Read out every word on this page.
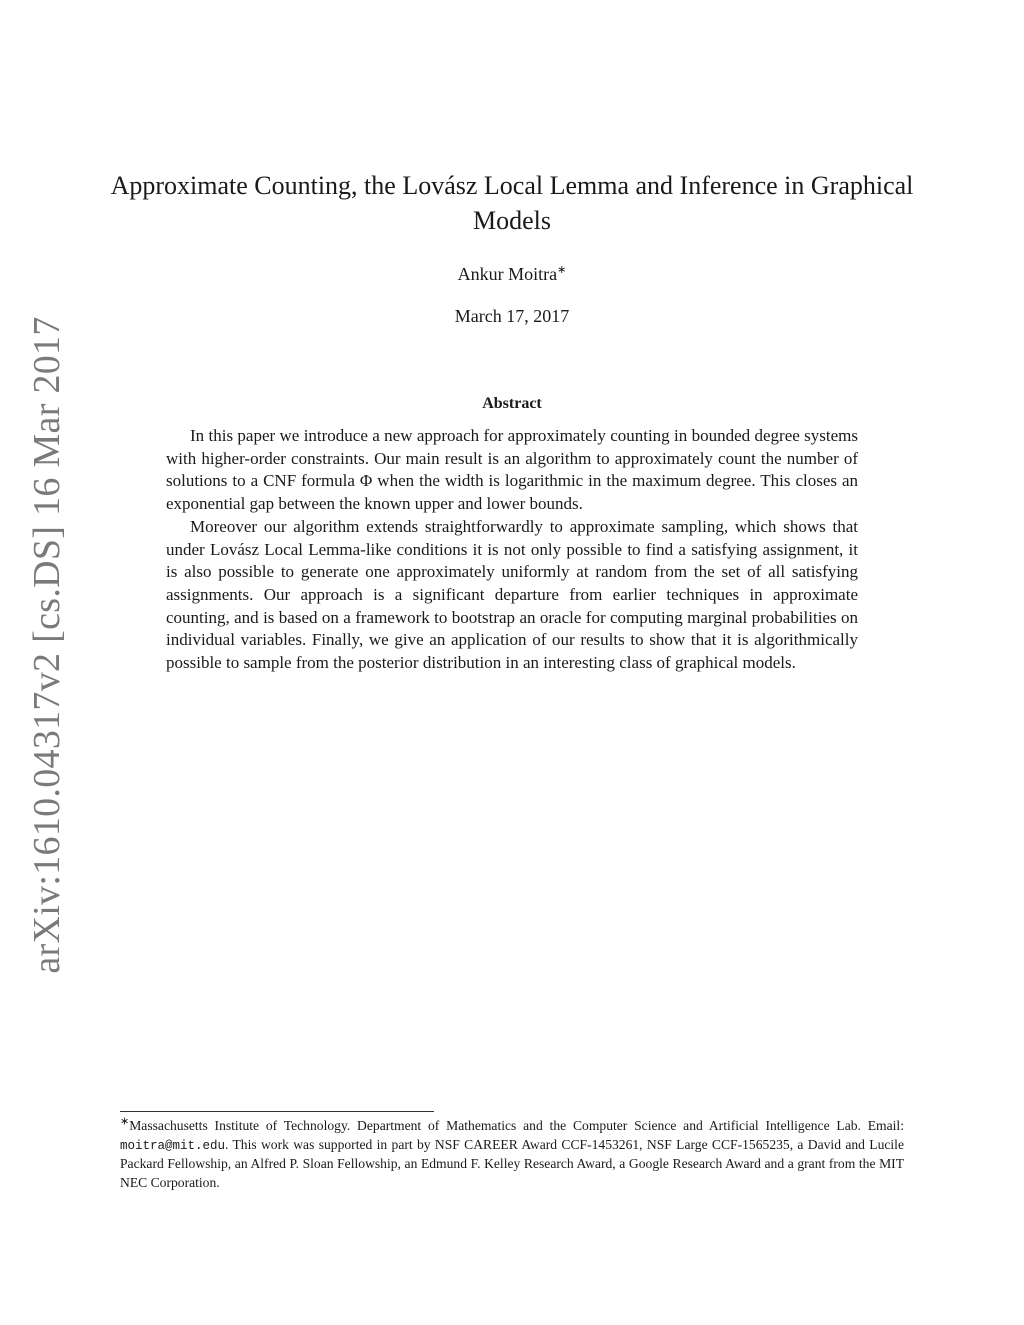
arXiv:1610.04317v2 [cs.DS] 16 Mar 2017
Approximate Counting, the Lovász Local Lemma and Inference in Graphical Models
Ankur Moitra∗
March 17, 2017
Abstract

In this paper we introduce a new approach for approximately counting in bounded degree systems with higher-order constraints. Our main result is an algorithm to approximately count the number of solutions to a CNF formula Φ when the width is logarithmic in the maximum degree. This closes an exponential gap between the known upper and lower bounds.

Moreover our algorithm extends straightforwardly to approximate sampling, which shows that under Lovász Local Lemma-like conditions it is not only possible to find a satisfying assignment, it is also possible to generate one approximately uniformly at random from the set of all satisfying assignments. Our approach is a significant departure from earlier techniques in approximate counting, and is based on a framework to bootstrap an oracle for computing marginal probabilities on individual variables. Finally, we give an application of our results to show that it is algorithmically possible to sample from the posterior distribution in an interesting class of graphical models.

∗Massachusetts Institute of Technology. Department of Mathematics and the Computer Science and Artificial Intelligence Lab. Email: moitra@mit.edu. This work was supported in part by NSF CAREER Award CCF-1453261, NSF Large CCF-1565235, a David and Lucile Packard Fellowship, an Alfred P. Sloan Fellowship, an Edmund F. Kelley Research Award, a Google Research Award and a grant from the MIT NEC Corporation.
